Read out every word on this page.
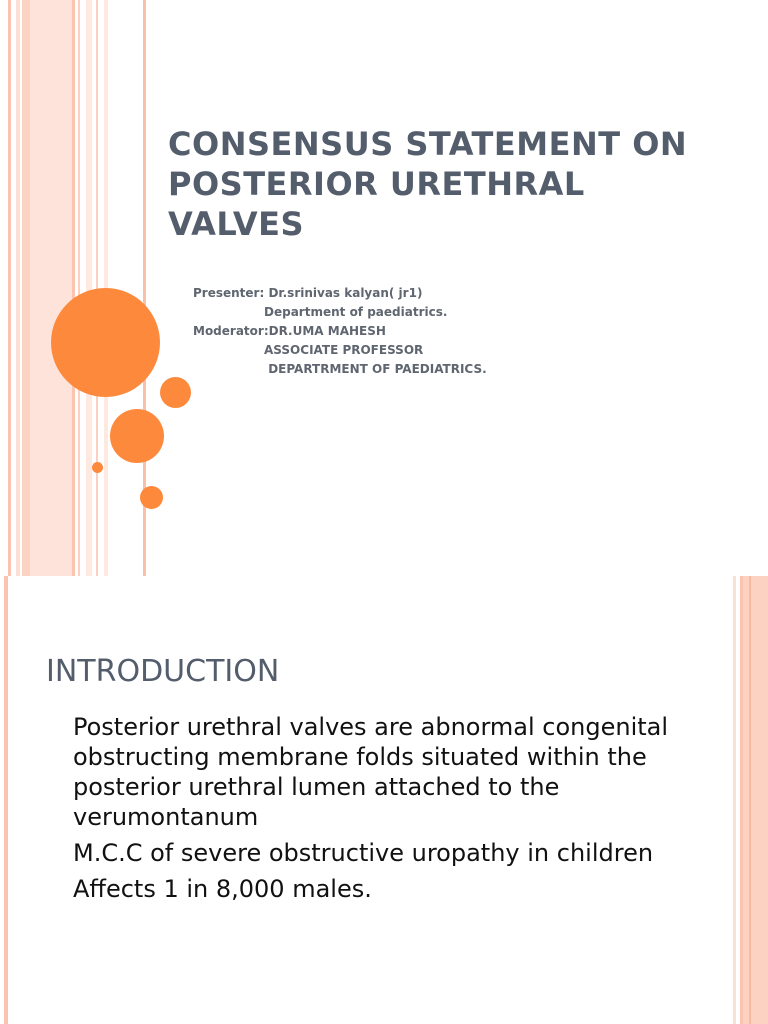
CONSENSUS STATEMENT ON POSTERIOR URETHRAL VALVES
Presenter: Dr.srinivas kalyan( jr1)
Department of paediatrics.
Moderator:DR.UMA MAHESH
ASSOCIATE PROFESSOR
DEPARTRMENT OF PAEDIATRICS.
INTRODUCTION
Posterior urethral valves are abnormal congenital obstructing membrane folds situated within the posterior urethral lumen attached to the verumontanum
M.C.C of severe obstructive uropathy in children
Affects 1 in 8,000 males.
